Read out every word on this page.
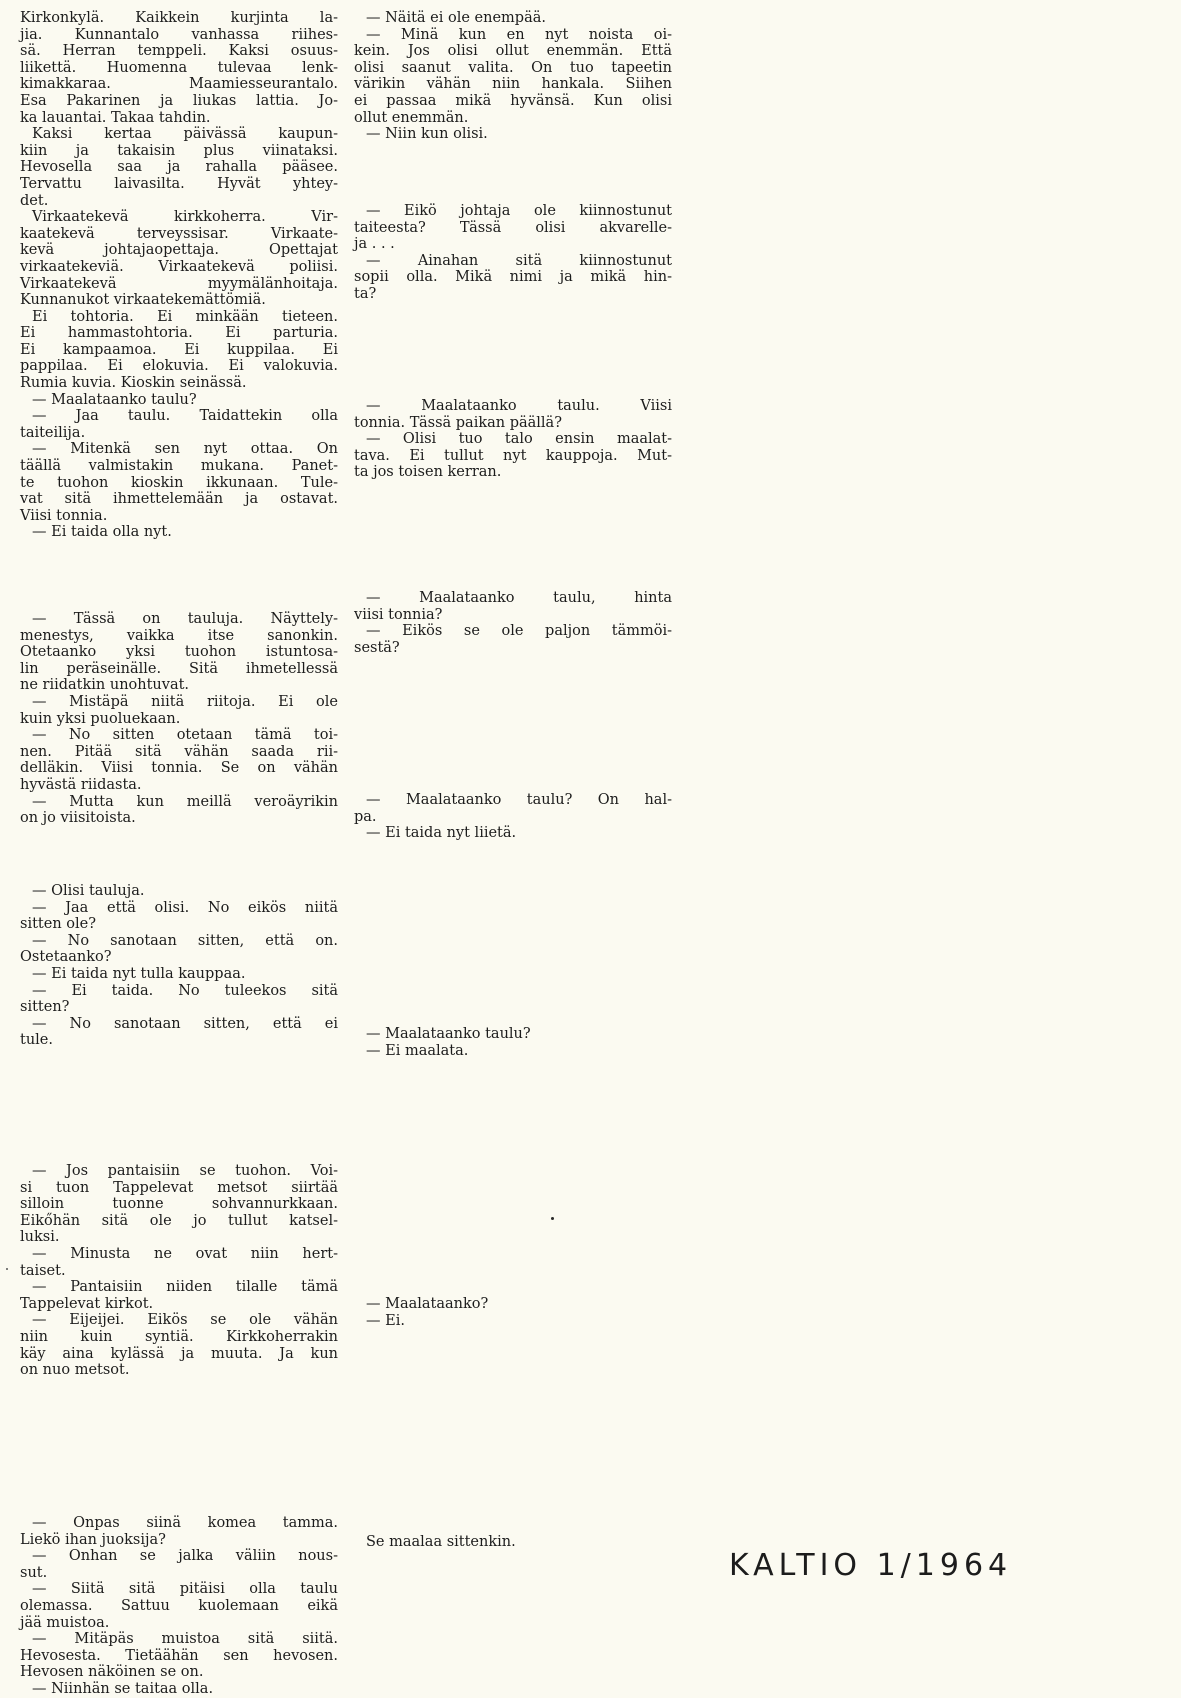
Kirkonkylä. Kaikkein kurjinta la-
jia. Kunnantalo vanhassa riihes-
sä. Herran temppeli. Kaksi osuus-
liikettä. Huomenna tulevaa lenk-
kimakkaraa. Maamiesseurantalo.
Esa Pakarinen ja liukas lattia. Jo-
ka lauantai. Takaa tahdin.
Kaksi kertaa päivässä kaupun-
kiin ja takaisin plus viinataksi.
Hevosella saa ja rahalla pääsee.
Tervattu laivasilta. Hyvät yhtey-
det.
Virkaatekevä kirkkoherra. Vir-
kaatekevä terveyssisar. Virkaate-
kevä johtajaopettaja. Opettajat
virkaatekeviä. Virkaatekevä poliisi.
Virkaatekevä myymälänhoitaja.
Kunnanukot virkaatekemättömiä.
Ei tohtoria. Ei minkään tieteen.
Ei hammastohtoria. Ei parturia.
Ei kampaamoa. Ei kuppilaa. Ei
pappilaa. Ei elokuvia. Ei valokuvia.
Rumia kuvia. Kioskin seinässä.
— Maalataanko taulu?
— Jaa taulu. Taidattekin olla
taiteilija.
— Mitenkä sen nyt ottaa. On
täällä valmistakin mukana. Panet-
te tuohon kioskin ikkunaan. Tule-
vat sitä ihmettelemään ja ostavat.
Viisi tonnia.
— Ei taida olla nyt.
— Tässä on tauluja. Näyttely-
menestys, vaikka itse sanonkin.
Otetaanko yksi tuohon istuntosa-
lin peräseinälle. Sitä ihmetellessä
ne riidatkin unohtuvat.
— Mistäpä niitä riitoja. Ei ole
kuin yksi puoluekaan.
— No sitten otetaan tämä toi-
nen. Pitää sitä vähän saada rii-
delläkin. Viisi tonnia. Se on vähän
hyvästä riidasta.
— Mutta kun meillä veroäyrikin
on jo viisitoista.
— Olisi tauluja.
— Jaa että olisi. No eikös niitä
sitten ole?
— No sanotaan sitten, että on.
Ostetaanko?
— Ei taida nyt tulla kauppaa.
— Ei taida. No tuleekos sitä
sitten?
— No sanotaan sitten, että ei
tule.
— Jos pantaisiin se tuohon. Voi-
si tuon Tappelevat metsot siirtää
silloin tuonne sohvannurkkaan.
Eikőhän sitä ole jo tullut katsel-
luksi.
— Minusta ne ovat niin hert-
taiset.
— Pantaisiin niiden tilalle tämä
Tappelevat kirkot.
— Eijeijei. Eikös se ole vähän
niin kuin syntiä. Kirkkoherrakin
käy aina kylässä ja muuta. Ja kun
on nuo metsot.
— Onpas siinä komea tamma.
Liekö ihan juoksija?
— Onhan se jalka väliin nous-
sut.
— Siitä sitä pitäisi olla taulu
olemassa. Sattuu kuolemaan eikä
jää muistoa.
— Mitäpäs muistoa sitä siitä.
Hevosesta. Tietäähän sen hevosen.
Hevosen näköinen se on.
— Niinhän se taitaa olla.
— Näitä ei ole enempää.
— Minä kun en nyt noista oi-
kein. Jos olisi ollut enemmän. Että
olisi saanut valita. On tuo tapeetin
värikin vähän niin hankala. Siihen
ei passaa mikä hyvänsä. Kun olisi
ollut enemmän.
— Niin kun olisi.
— Eikö johtaja ole kiinnostunut
taiteesta? Tässä olisi akvarelle-
ja . . .
— Ainahan sitä kiinnostunut
sopii olla. Mikä nimi ja mikä hin-
ta?
— Maalataanko taulu. Viisi
tonnia. Tässä paikan päällä?
— Olisi tuo talo ensin maalat-
tava. Ei tullut nyt kauppoja. Mut-
ta jos toisen kerran.
— Maalataanko taulu, hinta
viisi tonnia?
— Eikös se ole paljon tämmöi-
sestä?
— Maalataanko taulu? On hal-
pa.
— Ei taida nyt liietä.
— Maalataanko taulu?
— Ei maalata.
— Maalataanko?
— Ei.
Se maalaa sittenkin.
KALTIO 1/1964
